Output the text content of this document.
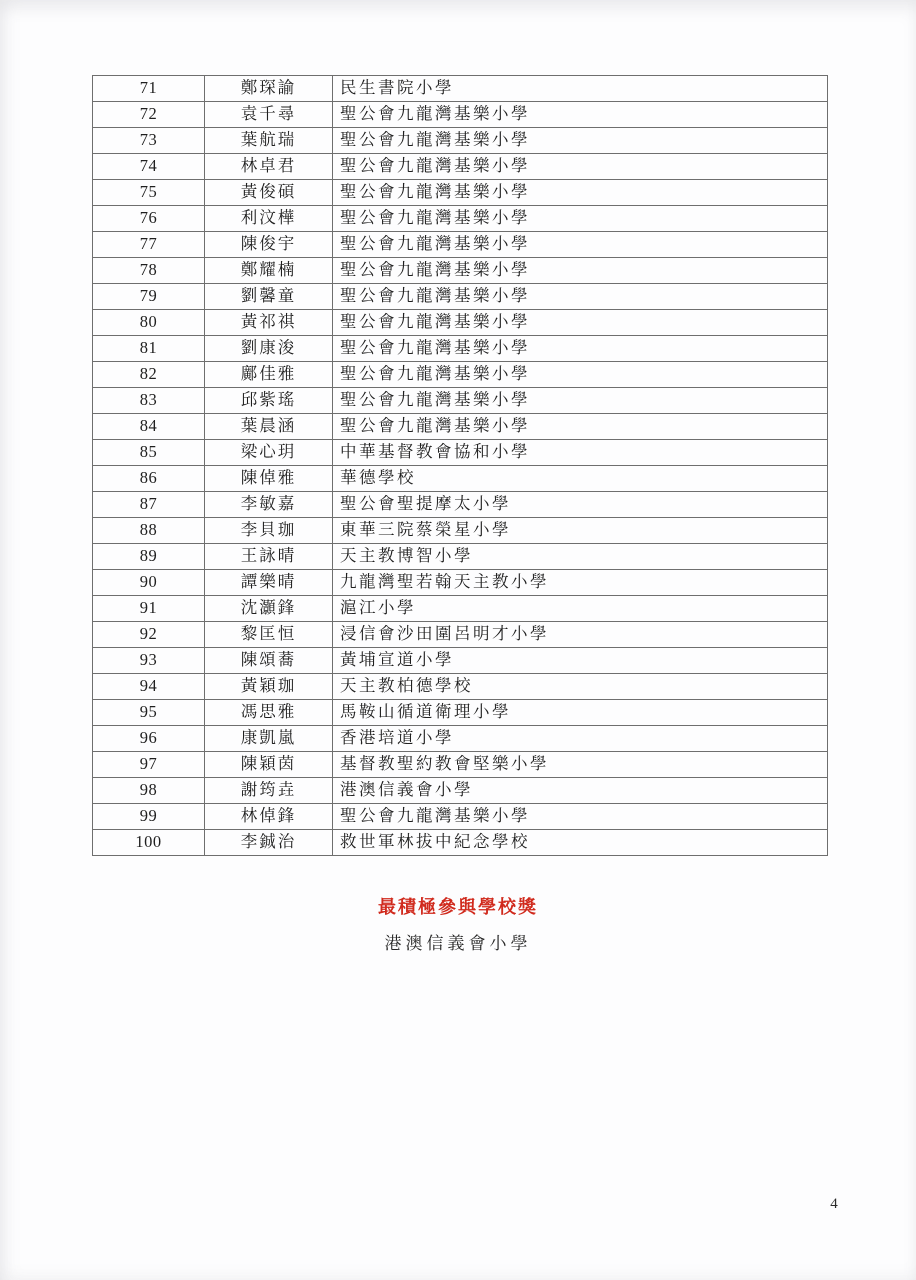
71	鄭琛諭	民生書院小學
72	袁千尋	聖公會九龍灣基樂小學
73	葉航瑞	聖公會九龍灣基樂小學
74	林卓君	聖公會九龍灣基樂小學
75	黃俊碩	聖公會九龍灣基樂小學
76	利汶樺	聖公會九龍灣基樂小學
77	陳俊宇	聖公會九龍灣基樂小學
78	鄭耀楠	聖公會九龍灣基樂小學
79	劉馨童	聖公會九龍灣基樂小學
80	黃祁祺	聖公會九龍灣基樂小學
81	劉康浚	聖公會九龍灣基樂小學
82	鄺佳雅	聖公會九龍灣基樂小學
83	邱紫瑤	聖公會九龍灣基樂小學
84	葉晨涵	聖公會九龍灣基樂小學
85	梁心玥	中華基督教會協和小學
86	陳倬雅	華德學校
87	李敏嘉	聖公會聖提摩太小學
88	李貝珈	東華三院蔡榮星小學
89	王詠晴	天主教博智小學
90	譚樂晴	九龍灣聖若翰天主教小學
91	沈灝鋒	滬江小學
92	黎匡恒	浸信會沙田圍呂明才小學
93	陳頌蕎	黃埔宣道小學
94	黃穎珈	天主教柏德學校
95	馮思雅	馬鞍山循道衛理小學
96	康凱嵐	香港培道小學
97	陳穎茵	基督教聖約教會堅樂小學
98	謝筠垚	港澳信義會小學
99	林倬鋒	聖公會九龍灣基樂小學
100	李鋮治	救世軍林拔中紀念學校
最積極參與學校獎
港澳信義會小學
4
